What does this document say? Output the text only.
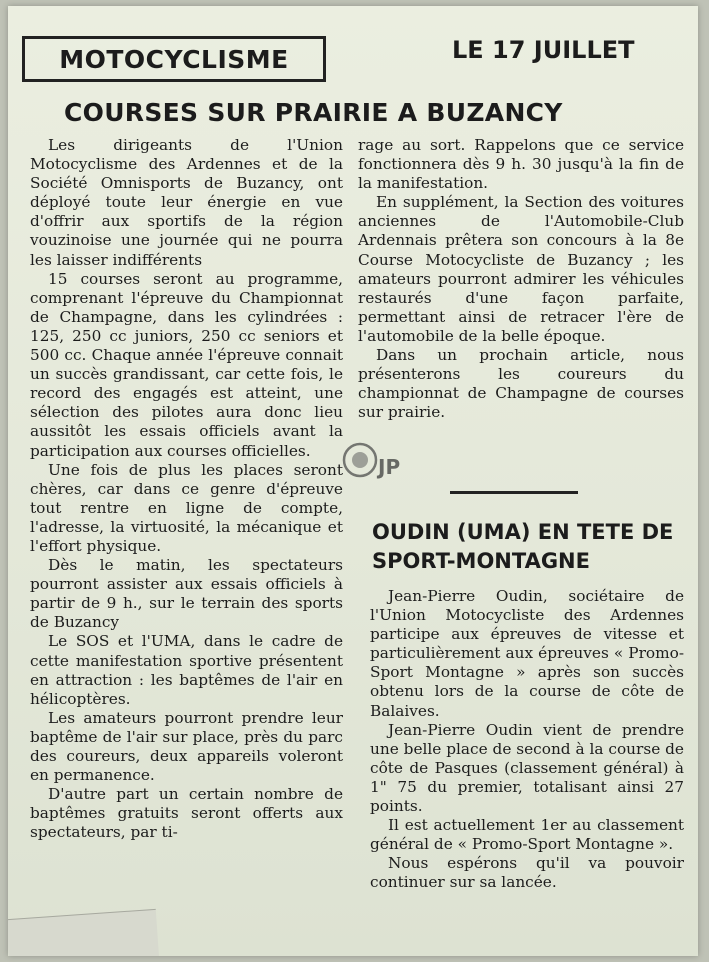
MOTOCYCLISME	LE 17 JUILLET
COURSES SUR PRAIRIE A BUZANCY

Les dirigeants de l'Union Motocyclisme des Ardennes et de la Société Omnisports de Buzancy, ont déployé toute leur énergie en vue d'offrir aux sportifs de la région vouzinoise une journée qui ne pourra les laisser indifférents

15 courses seront au programme, comprenant l'épreuve du Championnat de Champagne, dans les cylindrées : 125, 250 cc juniors, 250 cc seniors et 500 cc. Chaque année l'épreuve connait un succès grandissant, car cette fois, le record des engagés est atteint, une sélection des pilotes aura donc lieu aussitôt les essais officiels avant la participation aux courses officielles.

Une fois de plus les places seront chères, car dans ce genre d'épreuve tout rentre en ligne de compte, l'adresse, la virtuosité, la mécanique et l'effort physique.

Dès le matin, les spectateurs pourront assister aux essais officiels à partir de 9 h., sur le terrain des sports de Buzancy

Le SOS et l'UMA, dans le cadre de cette manifestation sportive présentent en attraction : les baptêmes de l'air en hélicoptères.

Les amateurs pourront prendre leur baptême de l'air sur place, près du parc des coureurs, deux appareils voleront en permanence.

D'autre part un certain nombre de baptêmes gratuits seront offerts aux spectateurs, par ti-

rage au sort. Rappelons que ce service fonctionnera dès 9 h. 30 jusqu'à la fin de la manifestation.

En supplément, la Section des voitures anciennes de l'Automobile-Club Ardennais prêtera son concours à la 8e Course Motocycliste de Buzancy ; les amateurs pourront admirer les véhicules restaurés d'une façon parfaite, permettant ainsi de retracer l'ère de l'automobile de la belle époque.

Dans un prochain article, nous présenterons les coureurs du championnat de Champagne de courses sur prairie.

JP
OUDIN (UMA) EN TETE DE SPORT-MONTAGNE

Jean-Pierre Oudin, sociétaire de l'Union Motocycliste des Ardennes participe aux épreuves de vitesse et particulièrement aux épreuves « Promo-Sport Montagne » après son succès obtenu lors de la course de côte de Balaives.

Jean-Pierre Oudin vient de prendre une belle place de second à la course de côte de Pasques (classement général) à 1" 75 du premier, totalisant ainsi 27 points.

Il est actuellement 1er au classement général de « Promo-Sport Montagne ».

Nous espérons qu'il va pouvoir continuer sur sa lancée.
